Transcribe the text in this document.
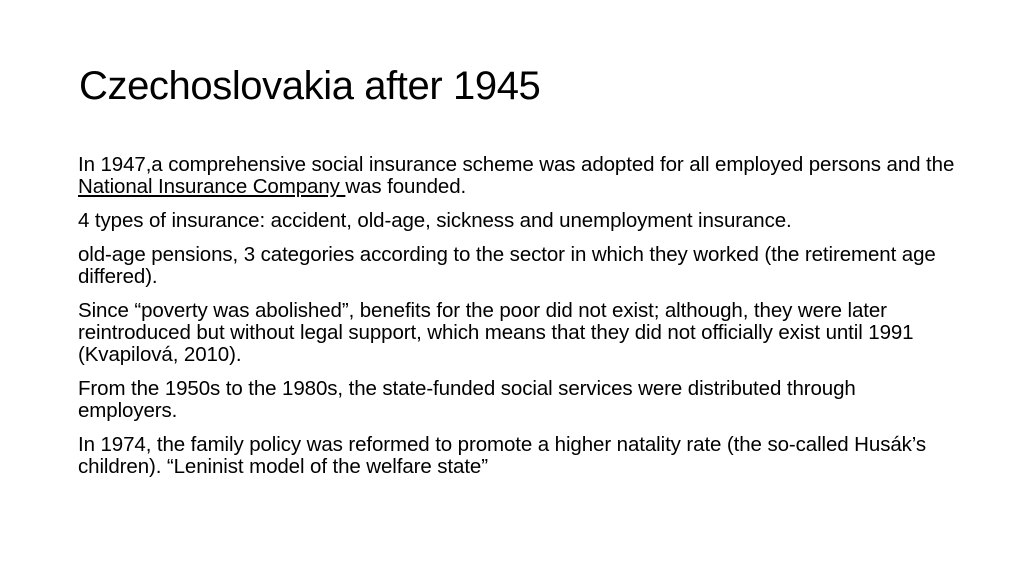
Czechoslovakia after 1945

In 1947,a comprehensive social insurance scheme was adopted for all employed persons and the National Insurance Company was founded.

4 types of insurance: accident, old-age, sickness and unemployment insurance.

old-age pensions, 3 categories according to the sector in which they worked (the retirement age differed).

Since “poverty was abolished”, benefits for the poor did not exist; although, they were later reintroduced but without legal support, which means that they did not officially exist until 1991 (Kvapilová, 2010).

From the 1950s to the 1980s, the state-funded social services were distributed through employers.

In 1974, the family policy was reformed to promote a higher natality rate (the so-called Husák’s children). “Leninist model of the welfare state”
